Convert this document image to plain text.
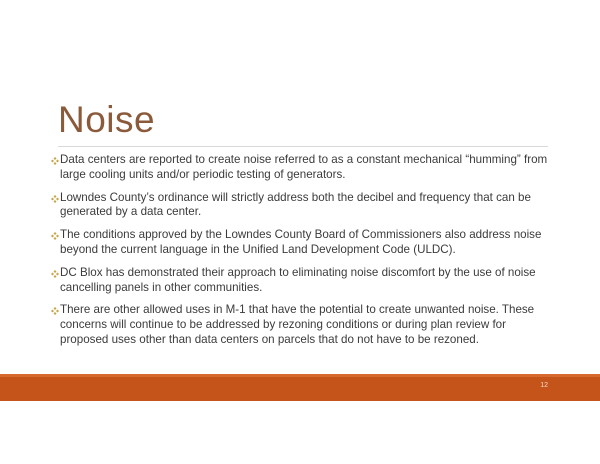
Noise
Data centers are reported to create noise referred to as a constant mechanical “humming” from large cooling units and/or periodic testing of generators.
Lowndes County’s ordinance will strictly address both the decibel and frequency that can be generated by a data center.
The conditions approved by the Lowndes County Board of Commissioners also address noise beyond the current language in the Unified Land Development Code (ULDC).
DC Blox has demonstrated their approach to eliminating noise discomfort by the use of noise cancelling panels in other communities.
There are other allowed uses in M-1 that have the potential to create unwanted noise. These concerns will continue to be addressed by rezoning conditions or during plan review for proposed uses other than data centers on parcels that do not have to be rezoned.
12
